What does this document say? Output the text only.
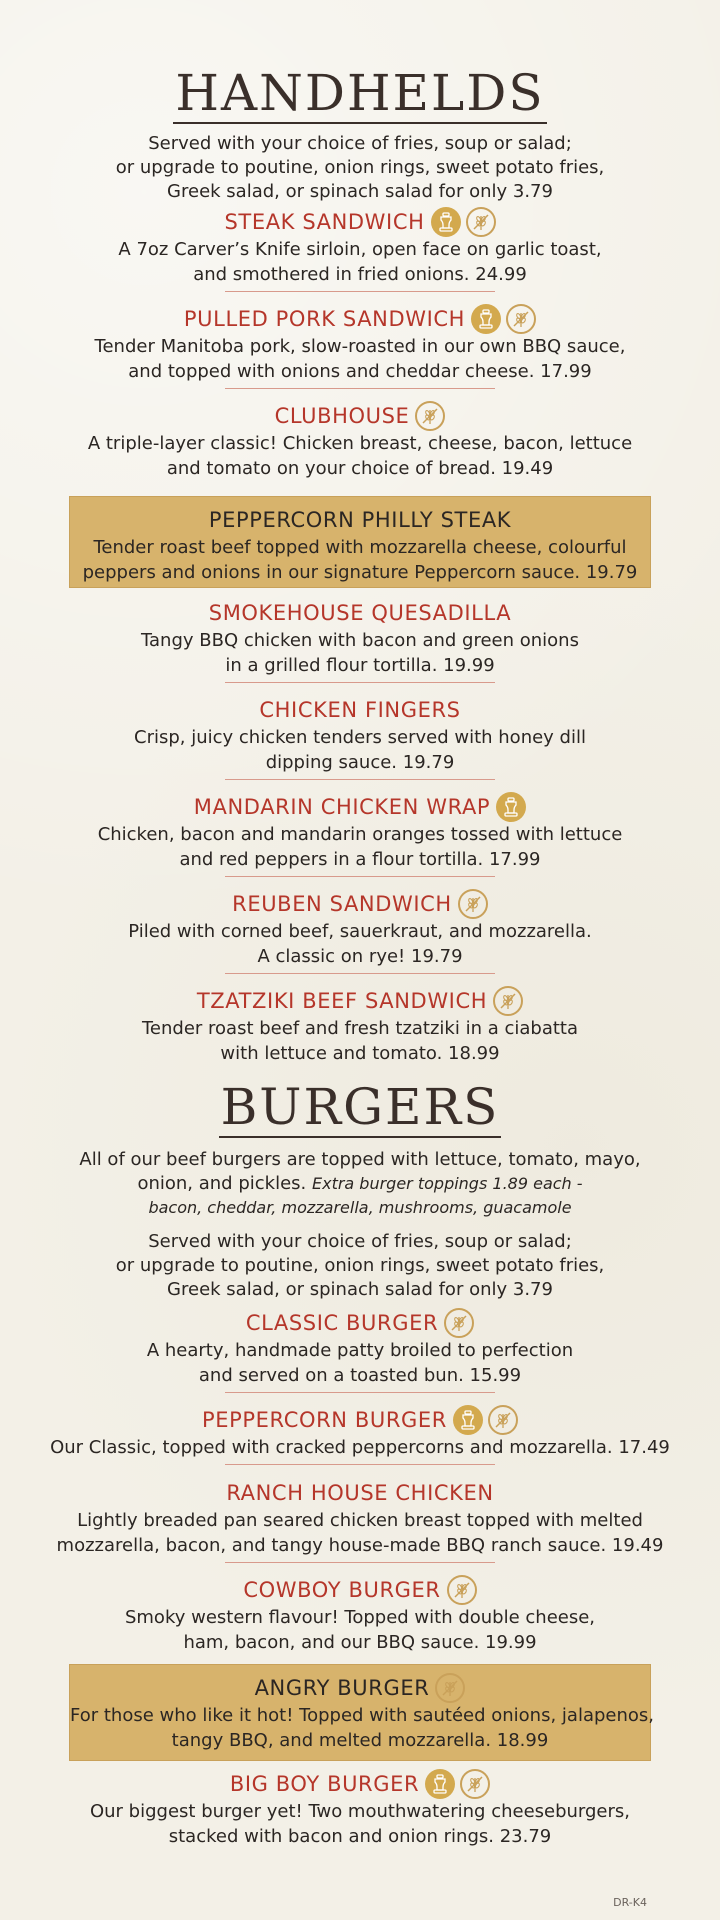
HANDHELDS
Served with your choice of fries, soup or salad;
or upgrade to poutine, onion rings, sweet potato fries,
Greek salad, or spinach salad for only 3.79
STEAK SANDWICH
A 7oz Carver’s Knife sirloin, open face on garlic toast,
and smothered in fried onions. 24.99
PULLED PORK SANDWICH
Tender Manitoba pork, slow-roasted in our own BBQ sauce,
and topped with onions and cheddar cheese. 17.99
CLUBHOUSE
A triple-layer classic! Chicken breast, cheese, bacon, lettuce
and tomato on your choice of bread. 19.49
PEPPERCORN PHILLY STEAK
Tender roast beef topped with mozzarella cheese, colourful
peppers and onions in our signature Peppercorn sauce. 19.79
SMOKEHOUSE QUESADILLA
Tangy BBQ chicken with bacon and green onions
in a grilled flour tortilla. 19.99
CHICKEN FINGERS
Crisp, juicy chicken tenders served with honey dill
dipping sauce. 19.79
MANDARIN CHICKEN WRAP
Chicken, bacon and mandarin oranges tossed with lettuce
and red peppers in a flour tortilla. 17.99
REUBEN SANDWICH
Piled with corned beef, sauerkraut, and mozzarella.
A classic on rye! 19.79
TZATZIKI BEEF SANDWICH
Tender roast beef and fresh tzatziki in a ciabatta
with lettuce and tomato. 18.99
BURGERS
All of our beef burgers are topped with lettuce, tomato, mayo,
onion, and pickles. Extra burger toppings 1.89 each -
bacon, cheddar, mozzarella, mushrooms, guacamole
Served with your choice of fries, soup or salad;
or upgrade to poutine, onion rings, sweet potato fries,
Greek salad, or spinach salad for only 3.79
CLASSIC BURGER
A hearty, handmade patty broiled to perfection
and served on a toasted bun. 15.99
PEPPERCORN BURGER
Our Classic, topped with cracked peppercorns and mozzarella. 17.49
RANCH HOUSE CHICKEN
Lightly breaded pan seared chicken breast topped with melted
mozzarella, bacon, and tangy house-made BBQ ranch sauce. 19.49
COWBOY BURGER
Smoky western flavour! Topped with double cheese,
ham, bacon, and our BBQ sauce. 19.99
ANGRY BURGER
For those who like it hot! Topped with sautéed onions, jalapenos,
tangy BBQ, and melted mozzarella. 18.99
BIG BOY BURGER
Our biggest burger yet! Two mouthwatering cheeseburgers,
stacked with bacon and onion rings. 23.79
DR-K4
